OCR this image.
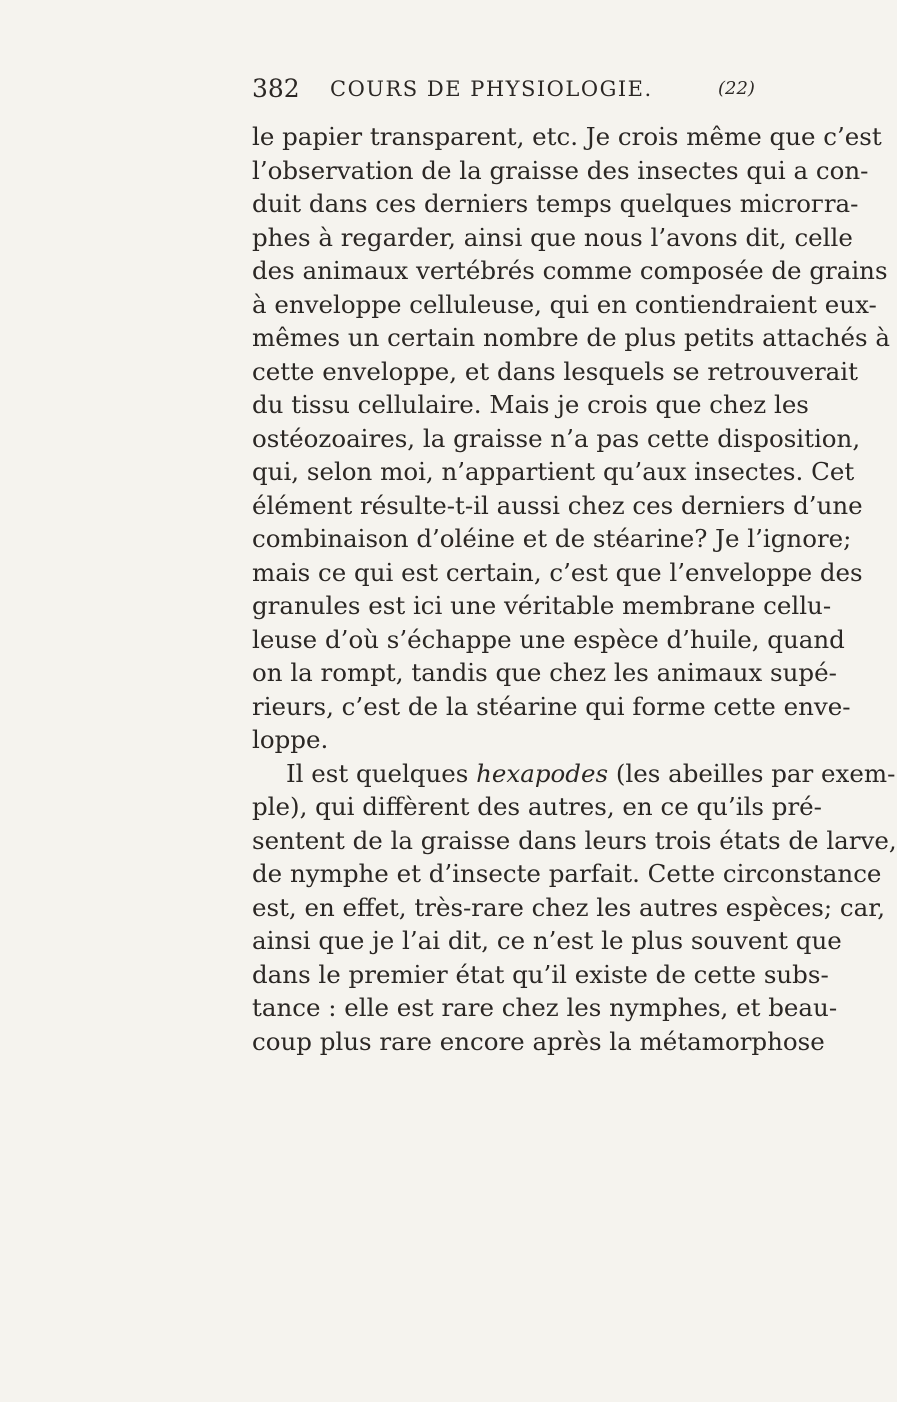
382 COURS DE PHYSIOLOGIE.	(22)
le papier transparent, etc. Je crois même que c’est
l’observation de la graisse des insectes qui a con-
duit dans ces derniers temps quelques micrогra-
phes à regarder, ainsi que nous l’avons dit, celle
des animaux vertébrés comme composée de grains
à enveloppe celluleuse, qui en contiendraient eux-
mêmes un certain nombre de plus petits attachés à
cette enveloppe, et dans lesquels se retrouverait
du tissu cellulaire. Mais je crois que chez les
ostéozoaires, la graisse n’a pas cette disposition,
qui, selon moi, n’appartient qu’aux insectes. Cet
élément résulte-t-il aussi chez ces derniers d’une
combinaison d’oléine et de stéarine? Je l’ignore;
mais ce qui est certain, c’est que l’enveloppe des
granules est ici une véritable membrane cellu-
leuse d’où s’échappe une espèce d’huile, quand
on la rompt, tandis que chez les animaux supé-
rieurs, c’est de la stéarine qui forme cette enve-
loppe.
Il est quelques hexapodes (les abeilles par exem-
ple), qui diffèrent des autres, en ce qu’ils pré-
sentent de la graisse dans leurs trois états de larve,
de nymphe et d’insecte parfait. Cette circonstance
est, en effet, très-rare chez les autres espèces; car,
ainsi que je l’ai dit, ce n’est le plus souvent que
dans le premier état qu’il existe de cette subs-
tance : elle est rare chez les nymphes, et beau-
coup plus rare encore après la métamorphose
